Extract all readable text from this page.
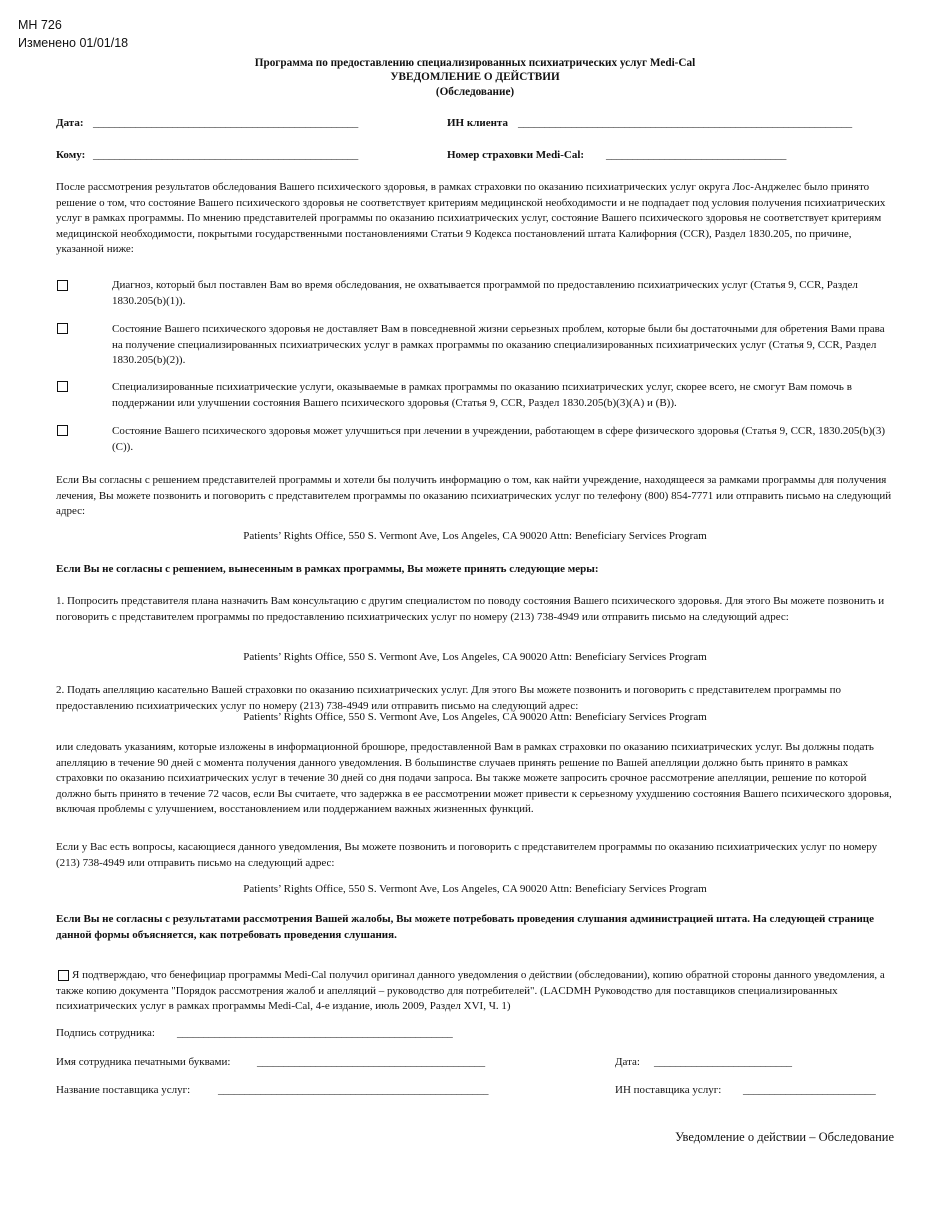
MH 726
Изменено 01/01/18
Программа по предоставлению специализированных психиатрических услуг Medi-Cal
УВЕДОМЛЕНИЕ О ДЕЙСТВИИ
(Обследование)
Дата: __________________________________________________	ИН клиента _______________________________________________________________
Кому: __________________________________________________	Номер страховки Medi-Cal: __________________________________
После рассмотрения результатов обследования Вашего психического здоровья, в рамках страховки по оказанию психиатрических услуг округа Лос-Анджелес было принято решение о том, что состояние Вашего психического здоровья не соответствует критериям медицинской необходимости и не подпадает под условия получения психиатрических услуг в рамках программы. По мнению представителей программы по оказанию психиатрических услуг, состояние Вашего психического здоровья не соответствует критериям медицинской необходимости, покрытыми государственными постановлениями Статьи 9 Кодекса постановлений штата Калифорния (CCR), Раздел 1830.205, по причине, указанной ниже:
Диагноз, который был поставлен Вам во время обследования, не охватывается программой по предоставлению психиатрических услуг (Статья 9, CCR, Раздел 1830.205(b)(1)).
Состояние Вашего психического здоровья не доставляет Вам в повседневной жизни серьезных проблем, которые были бы достаточными для обретения Вами права на получение специализированных психиатрических услуг в рамках программы по оказанию специализированных психиатрических услуг (Статья 9, CCR, Раздел 1830.205(b)(2)).
Специализированные психиатрические услуги, оказываемые в рамках программы по оказанию психиатрических услуг, скорее всего, не смогут Вам помочь в поддержании или улучшении состояния Вашего психического здоровья (Статья 9, CCR, Раздел 1830.205(b)(3)(A) и (B)).
Состояние Вашего психического здоровья может улучшиться при лечении в учреждении, работающем в сфере физического здоровья (Статья 9, CCR, 1830.205(b)(3)(C)).
Если Вы согласны с решением представителей программы и хотели бы получить информацию о том, как найти учреждение, находящееся за рамками программы для получения лечения, Вы можете позвонить и поговорить с представителем программы по оказанию психиатрических услуг по телефону (800) 854-7771 или отправить письмо на следующий адрес:
Patients’ Rights Office, 550 S. Vermont Ave, Los Angeles, CA 90020 Attn: Beneficiary Services Program
Если Вы не согласны с решением, вынесенным в рамках программы, Вы можете принять следующие меры:
1. Попросить представителя плана назначить Вам консультацию с другим специалистом по поводу состояния Вашего психического здоровья. Для этого Вы можете позвонить и поговорить с представителем программы по предоставлению психиатрических услуг по номеру (213) 738-4949 или отправить письмо на следующий адрес:
Patients’ Rights Office, 550 S. Vermont Ave, Los Angeles, CA 90020 Attn: Beneficiary Services Program
2. Подать апелляцию касательно Вашей страховки по оказанию психиатрических услуг. Для этого Вы можете позвонить и поговорить с представителем программы по предоставлению психиатрических услуг по номеру (213) 738-4949 или отправить письмо на следующий адрес:
Patients’ Rights Office, 550 S. Vermont Ave, Los Angeles, CA 90020 Attn: Beneficiary Services Program
или следовать указаниям, которые изложены в информационной брошюре, предоставленной Вам в рамках страховки по оказанию психиатрических услуг. Вы должны подать апелляцию в течение 90 дней с момента получения данного уведомления. В большинстве случаев принять решение по Вашей апелляции должно быть принято в рамках страховки по оказанию психиатрических услуг в течение 30 дней со дня подачи запроса. Вы также можете запросить срочное рассмотрение апелляции, решение по которой должно быть принято в течение 72 часов, если Вы считаете, что задержка в ее рассмотрении может привести к серьезному ухудшению состояния Вашего психического здоровья, включая проблемы с улучшением, восстановлением или поддержанием важных жизненных функций.
Если у Вас есть вопросы, касающиеся данного уведомления, Вы можете позвонить и поговорить с представителем программы по оказанию психиатрических услуг по номеру (213) 738-4949 или отправить письмо на следующий адрес:
Patients’ Rights Office, 550 S. Vermont Ave, Los Angeles, CA 90020 Attn: Beneficiary Services Program
Если Вы не согласны с результатами рассмотрения Вашей жалобы, Вы можете потребовать проведения слушания администрацией штата. На следующей странице данной формы объясняется, как потребовать проведения слушания.
Я подтверждаю, что бенефициар программы Medi-Cal получил оригинал данного уведомления о действии (обследовании), копию обратной стороны данного уведомления, а также копию документа "Порядок рассмотрения жалоб и апелляций – руководство для потребителей". (LACDMH Руководство для поставщиков специализированных психиатрических услуг в рамках программы Medi-Cal, 4-е издание, июль 2009, Раздел XVI, Ч. 1)
Подпись сотрудника: ____________________________________________________
Имя сотрудника печатными буквами: ___________________________________________	Дата: __________________________
Название поставщика услуг:	___________________________________________________	ИН поставщика услуг: _________________________
Уведомление о действии – Обследование
